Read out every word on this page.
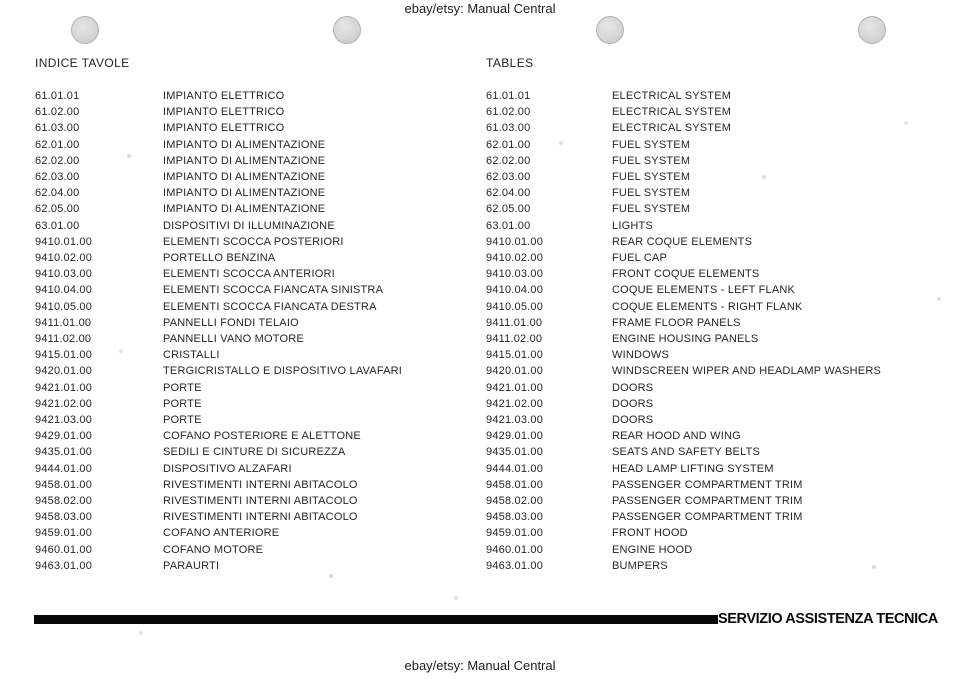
ebay/etsy: Manual Central
INDICE TAVOLE	TABLES
61.01.01	IMPIANTO ELETTRICO
61.02.00	IMPIANTO ELETTRICO
61.03.00	IMPIANTO ELETTRICO
62.01.00	IMPIANTO DI ALIMENTAZIONE
62.02.00	IMPIANTO DI ALIMENTAZIONE
62.03.00	IMPIANTO DI ALIMENTAZIONE
62.04.00	IMPIANTO DI ALIMENTAZIONE
62.05.00	IMPIANTO DI ALIMENTAZIONE
63.01.00	DISPOSITIVI DI ILLUMINAZIONE
9410.01.00	ELEMENTI SCOCCA POSTERIORI
9410.02.00	PORTELLO BENZINA
9410.03.00	ELEMENTI SCOCCA ANTERIORI
9410.04.00	ELEMENTI SCOCCA FIANCATA SINISTRA
9410.05.00	ELEMENTI SCOCCA FIANCATA DESTRA
9411.01.00	PANNELLI FONDI TELAIO
9411.02.00	PANNELLI VANO MOTORE
9415.01.00	CRISTALLI
9420.01.00	TERGICRISTALLO E DISPOSITIVO LAVAFARI
9421.01.00	PORTE
9421.02.00	PORTE
9421.03.00	PORTE
9429.01.00	COFANO POSTERIORE E ALETTONE
9435.01.00	SEDILI E CINTURE DI SICUREZZA
9444.01.00	DISPOSITIVO ALZAFARI
9458.01.00	RIVESTIMENTI INTERNI ABITACOLO
9458.02.00	RIVESTIMENTI INTERNI ABITACOLO
9458.03.00	RIVESTIMENTI INTERNI ABITACOLO
9459.01.00	COFANO ANTERIORE
9460.01.00	COFANO MOTORE
9463.01.00	PARAURTI
61.01.01	ELECTRICAL SYSTEM
61.02.00	ELECTRICAL SYSTEM
61.03.00	ELECTRICAL SYSTEM
62.01.00	FUEL SYSTEM
62.02.00	FUEL SYSTEM
62.03.00	FUEL SYSTEM
62.04.00	FUEL SYSTEM
62.05.00	FUEL SYSTEM
63.01.00	LIGHTS
9410.01.00	REAR COQUE ELEMENTS
9410.02.00	FUEL CAP
9410.03.00	FRONT COQUE ELEMENTS
9410.04.00	COQUE ELEMENTS - LEFT FLANK
9410.05.00	COQUE ELEMENTS - RIGHT FLANK
9411.01.00	FRAME FLOOR PANELS
9411.02.00	ENGINE HOUSING PANELS
9415.01.00	WINDOWS
9420.01.00	WINDSCREEN WIPER AND HEADLAMP WASHERS
9421.01.00	DOORS
9421.02.00	DOORS
9421.03.00	DOORS
9429.01.00	REAR HOOD AND WING
9435.01.00	SEATS AND SAFETY BELTS
9444.01.00	HEAD LAMP LIFTING SYSTEM
9458.01.00	PASSENGER COMPARTMENT TRIM
9458.02.00	PASSENGER COMPARTMENT TRIM
9458.03.00	PASSENGER COMPARTMENT TRIM
9459.01.00	FRONT HOOD
9460.01.00	ENGINE HOOD
9463.01.00	BUMPERS
SERVIZIO ASSISTENZA TECNICA
ebay/etsy: Manual Central
